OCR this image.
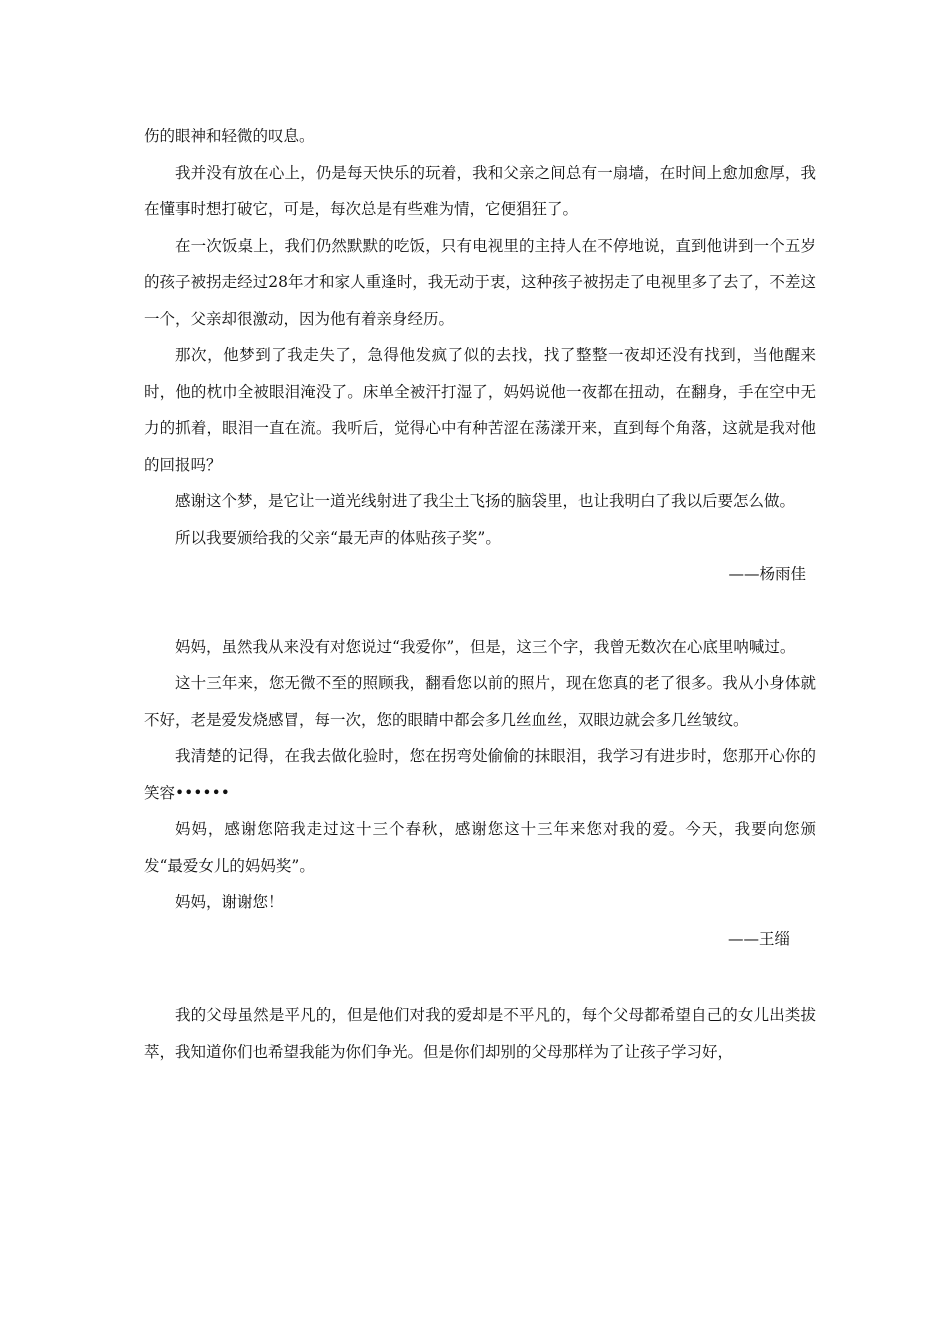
伤的眼神和轻微的叹息。

我并没有放在心上，仍是每天快乐的玩着，我和父亲之间总有一扇墙，在时间上愈加愈厚，我在懂事时想打破它，可是，每次总是有些难为情，它便猖狂了。

在一次饭桌上，我们仍然默默的吃饭，只有电视里的主持人在不停地说，直到他讲到一个五岁的孩子被拐走经过28年才和家人重逢时，我无动于衷，这种孩子被拐走了电视里多了去了，不差这一个，父亲却很激动，因为他有着亲身经历。

那次，他梦到了我走失了，急得他发疯了似的去找，找了整整一夜却还没有找到，当他醒来时，他的枕巾全被眼泪淹没了。床单全被汗打湿了，妈妈说他一夜都在扭动，在翻身，手在空中无力的抓着，眼泪一直在流。我听后，觉得心中有种苦涩在荡漾开来，直到每个角落，这就是我对他的回报吗？

感谢这个梦，是它让一道光线射进了我尘土飞扬的脑袋里，也让我明白了我以后要怎么做。

所以我要颁给我的父亲“最无声的体贴孩子奖”。

——杨雨佳

妈妈，虽然我从来没有对您说过“我爱你”，但是，这三个字，我曾无数次在心底里呐喊过。

这十三年来，您无微不至的照顾我，翻看您以前的照片，现在您真的老了很多。我从小身体就不好，老是爱发烧感冒，每一次，您的眼睛中都会多几丝血丝，双眼边就会多几丝皱纹。

我清楚的记得，在我去做化验时，您在拐弯处偷偷的抹眼泪，我学习有进步时，您那开心你的笑容••••••

妈妈，感谢您陪我走过这十三个春秋，感谢您这十三年来您对我的爱。今天，我要向您颁发“最爱女儿的妈妈奖”。

妈妈，谢谢您！

——王缁

我的父母虽然是平凡的，但是他们对我的爱却是不平凡的，每个父母都希望自己的女儿出类拔萃，我知道你们也希望我能为你们争光。但是你们却别的父母那样为了让孩子学习好，
